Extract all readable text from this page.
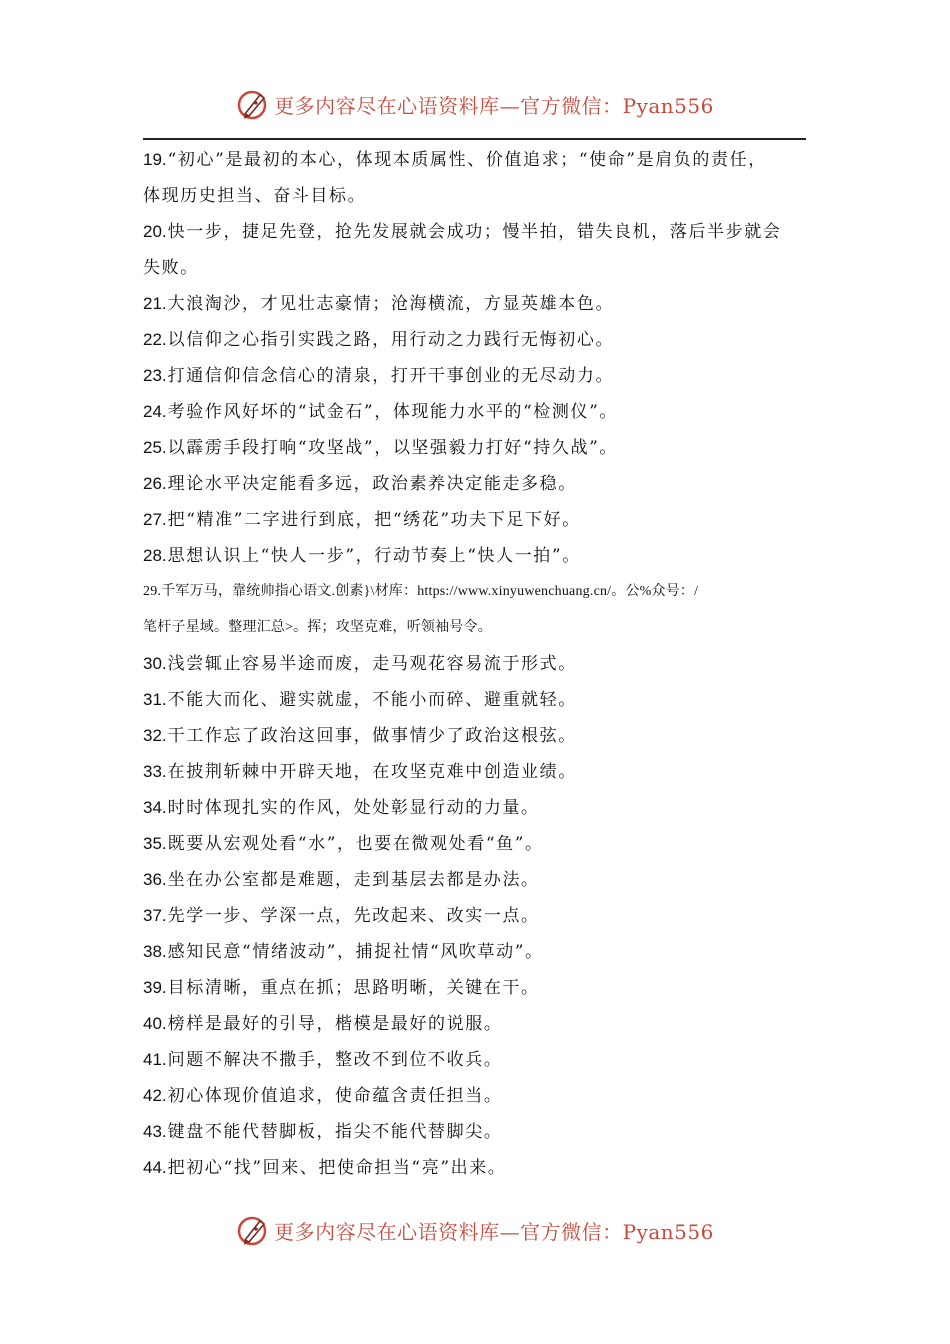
更多内容尽在心语资料库—官方微信：Pyan556
19.“初心”是最初的本心，体现本质属性、价值追求；“使命”是肩负的责任，
体现历史担当、奋斗目标。
20.快一步，捷足先登，抢先发展就会成功；慢半拍，错失良机，落后半步就会
失败。
21.大浪淘沙，才见壮志豪情；沧海横流，方显英雄本色。
22.以信仰之心指引实践之路，用行动之力践行无悔初心。
23.打通信仰信念信心的清泉，打开干事创业的无尽动力。
24.考验作风好坏的“试金石”，体现能力水平的“检测仪”。
25.以霹雳手段打响“攻坚战”，以坚强毅力打好“持久战”。
26.理论水平决定能看多远，政治素养决定能走多稳。
27.把“精准”二字进行到底，把“绣花”功夫下足下好。
28.思想认识上“快人一步”，行动节奏上“快人一拍”。
29.千军万马，靠统帅指心语文.创素}\材库：https://www.xinyuwenchuang.cn/。公%众号：/
笔杆子星域。整理汇总>。挥；攻坚克难，听领袖号令。
30.浅尝辄止容易半途而废，走马观花容易流于形式。
31.不能大而化、避实就虚，不能小而碎、避重就轻。
32.干工作忘了政治这回事，做事情少了政治这根弦。
33.在披荆斩棘中开辟天地，在攻坚克难中创造业绩。
34.时时体现扎实的作风，处处彰显行动的力量。
35.既要从宏观处看“水”，也要在微观处看“鱼”。
36.坐在办公室都是难题，走到基层去都是办法。
37.先学一步、学深一点，先改起来、改实一点。
38.感知民意“情绪波动”，捕捉社情“风吹草动”。
39.目标清晰，重点在抓；思路明晰，关键在干。
40.榜样是最好的引导，楷模是最好的说服。
41.问题不解决不撒手，整改不到位不收兵。
42.初心体现价值追求，使命蕴含责任担当。
43.键盘不能代替脚板，指尖不能代替脚尖。
44.把初心“找”回来、把使命担当“亮”出来。
更多内容尽在心语资料库—官方微信：Pyan556
